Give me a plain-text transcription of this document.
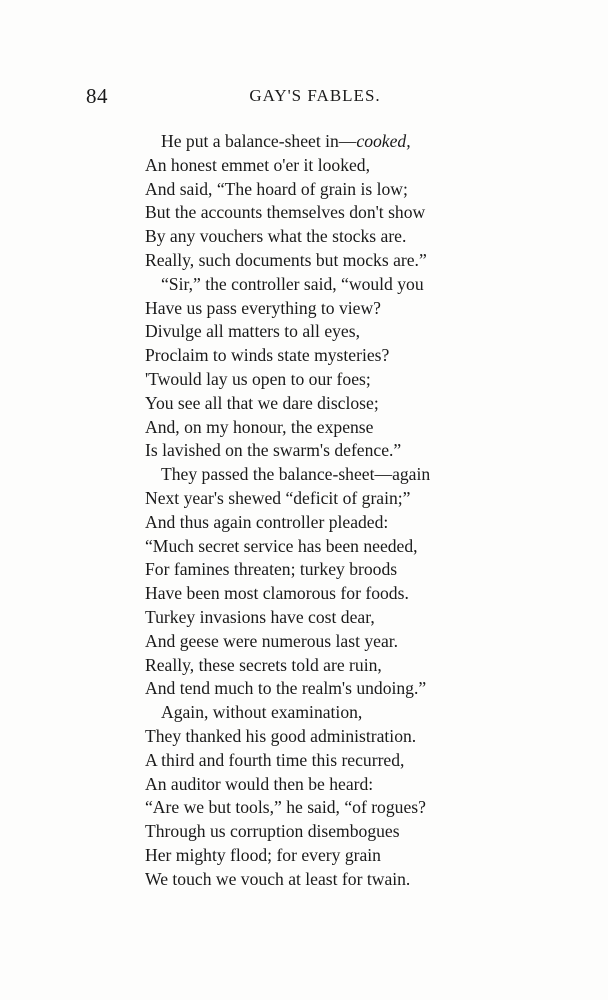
84	GAY'S FABLES.
He put a balance-sheet in—cooked,
An honest emmet o'er it looked,
And said, “The hoard of grain is low;
But the accounts themselves don't show
By any vouchers what the stocks are.
Really, such documents but mocks are.”
“Sir,” the controller said, “would you
Have us pass everything to view?
Divulge all matters to all eyes,
Proclaim to winds state mysteries?
'Twould lay us open to our foes;
You see all that we dare disclose;
And, on my honour, the expense
Is lavished on the swarm's defence.”
They passed the balance-sheet—again
Next year's shewed “deficit of grain;”
And thus again controller pleaded:
“Much secret service has been needed,
For famines threaten; turkey broods
Have been most clamorous for foods.
Turkey invasions have cost dear,
And geese were numerous last year.
Really, these secrets told are ruin,
And tend much to the realm's undoing.”
Again, without examination,
They thanked his good administration.
A third and fourth time this recurred,
An auditor would then be heard:
“Are we but tools,” he said, “of rogues?
Through us corruption disembogues
Her mighty flood; for every grain
We touch we vouch at least for twain.
